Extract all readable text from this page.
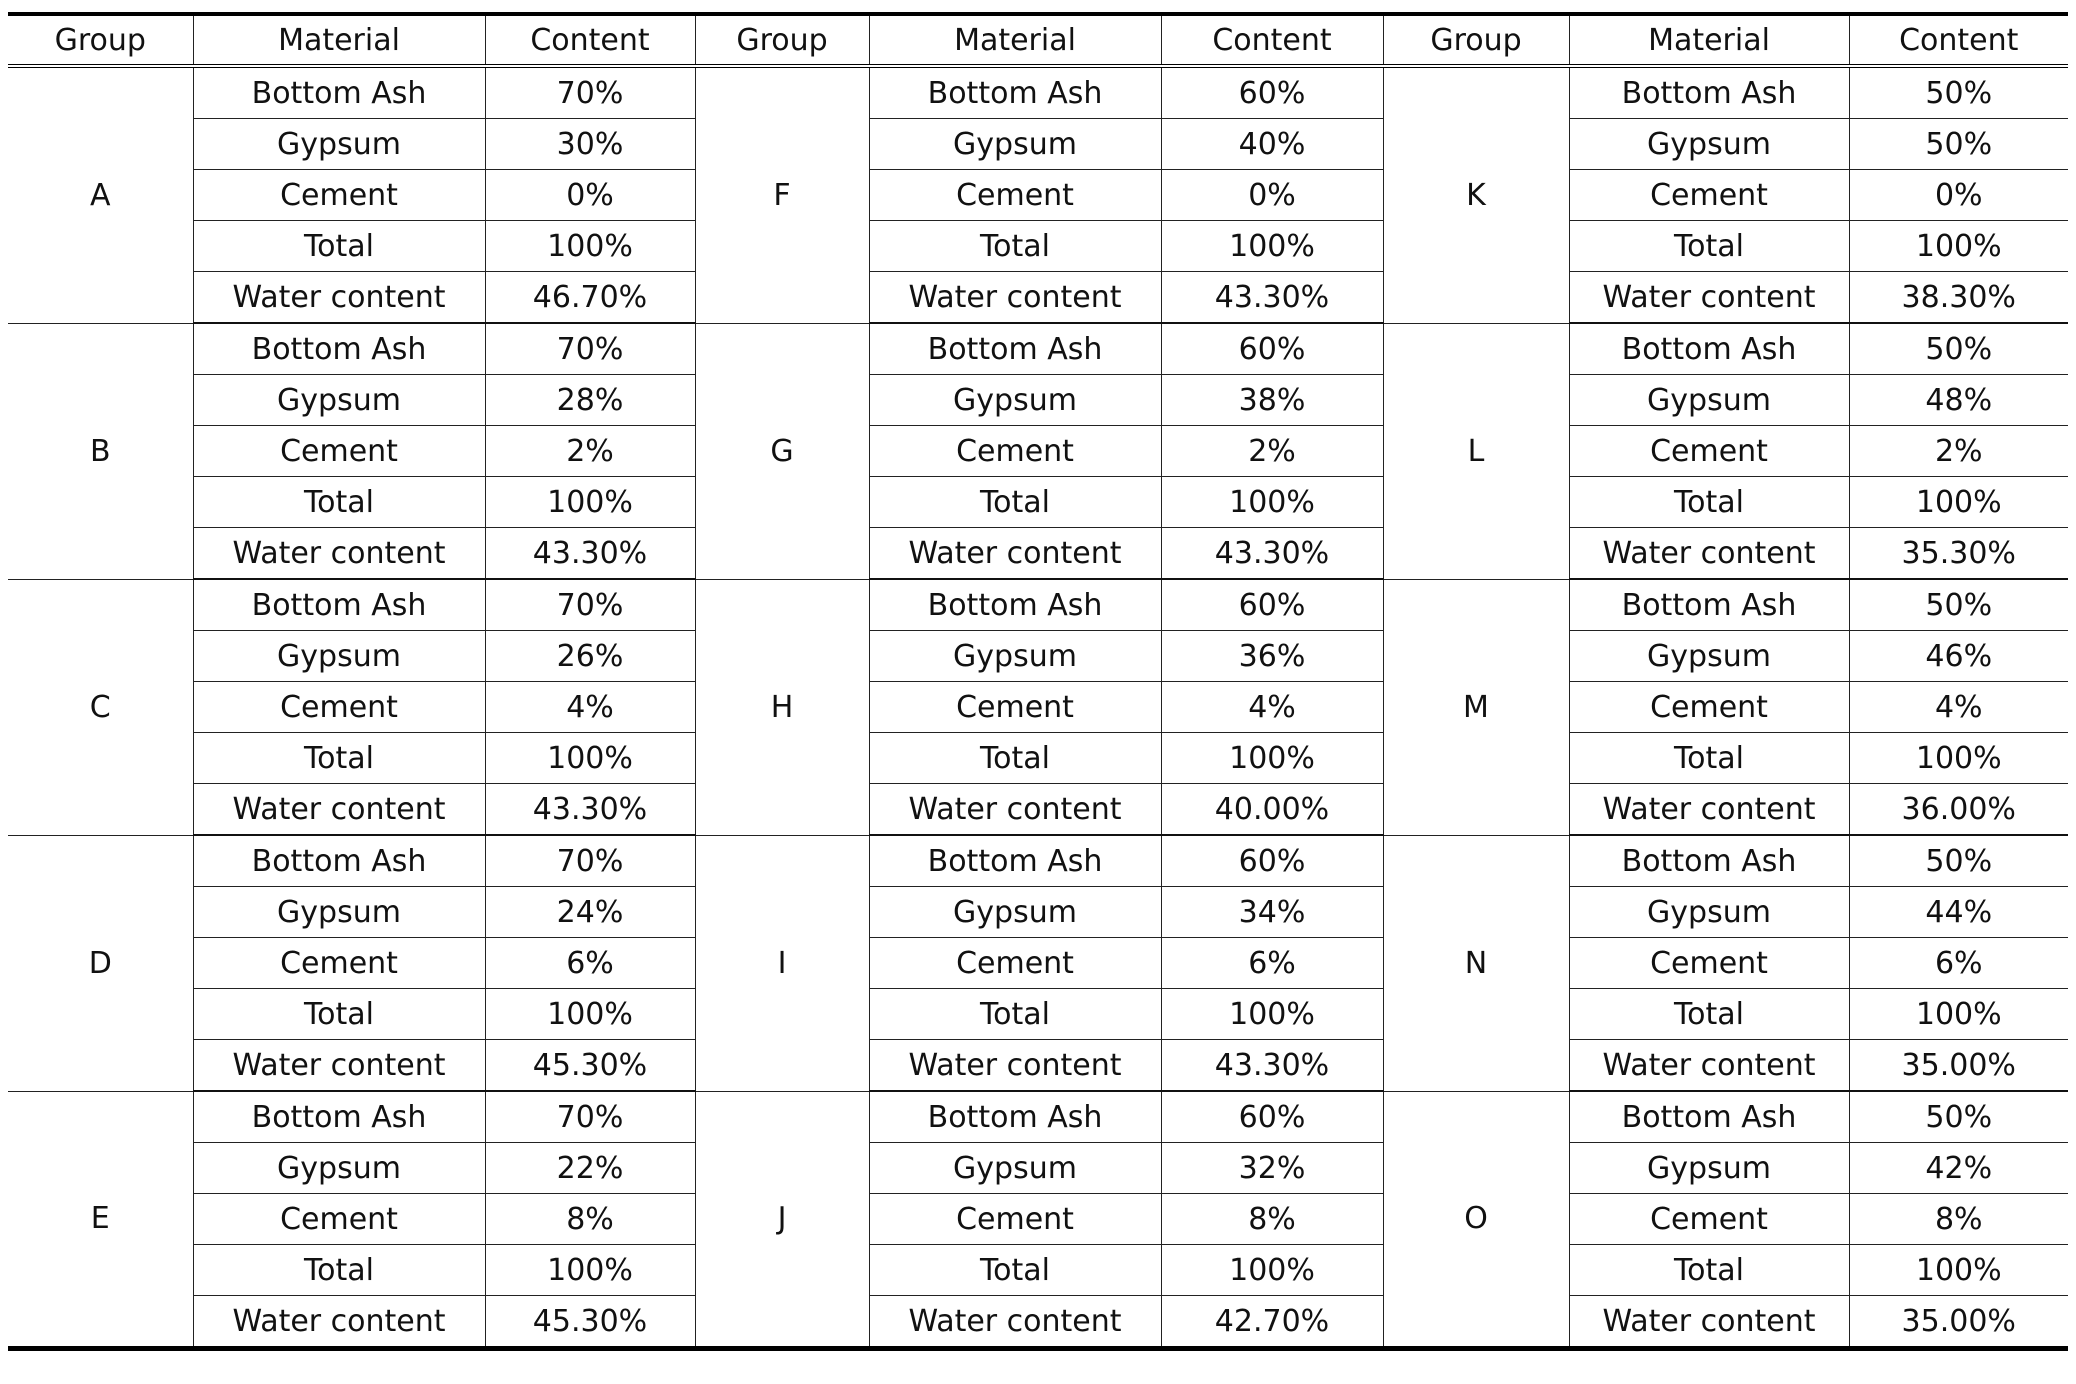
Group	Material	Content	Group	Material	Content	Group	Material	Content
A	Bottom Ash	70%	F	Bottom Ash	60%	K	Bottom Ash	50%
	Gypsum	30%		Gypsum	40%		Gypsum	50%
	Cement	0%		Cement	0%		Cement	0%
	Total	100%		Total	100%		Total	100%
	Water content	46.70%		Water content	43.30%		Water content	38.30%
B	Bottom Ash	70%	G	Bottom Ash	60%	L	Bottom Ash	50%
	Gypsum	28%		Gypsum	38%		Gypsum	48%
	Cement	2%		Cement	2%		Cement	2%
	Total	100%		Total	100%		Total	100%
	Water content	43.30%		Water content	43.30%		Water content	35.30%
C	Bottom Ash	70%	H	Bottom Ash	60%	M	Bottom Ash	50%
	Gypsum	26%		Gypsum	36%		Gypsum	46%
	Cement	4%		Cement	4%		Cement	4%
	Total	100%		Total	100%		Total	100%
	Water content	43.30%		Water content	40.00%		Water content	36.00%
D	Bottom Ash	70%	I	Bottom Ash	60%	N	Bottom Ash	50%
	Gypsum	24%		Gypsum	34%		Gypsum	44%
	Cement	6%		Cement	6%		Cement	6%
	Total	100%		Total	100%		Total	100%
	Water content	45.30%		Water content	43.30%		Water content	35.00%
E	Bottom Ash	70%	J	Bottom Ash	60%	O	Bottom Ash	50%
	Gypsum	22%		Gypsum	32%		Gypsum	42%
	Cement	8%		Cement	8%		Cement	8%
	Total	100%		Total	100%		Total	100%
	Water content	45.30%		Water content	42.70%		Water content	35.00%
